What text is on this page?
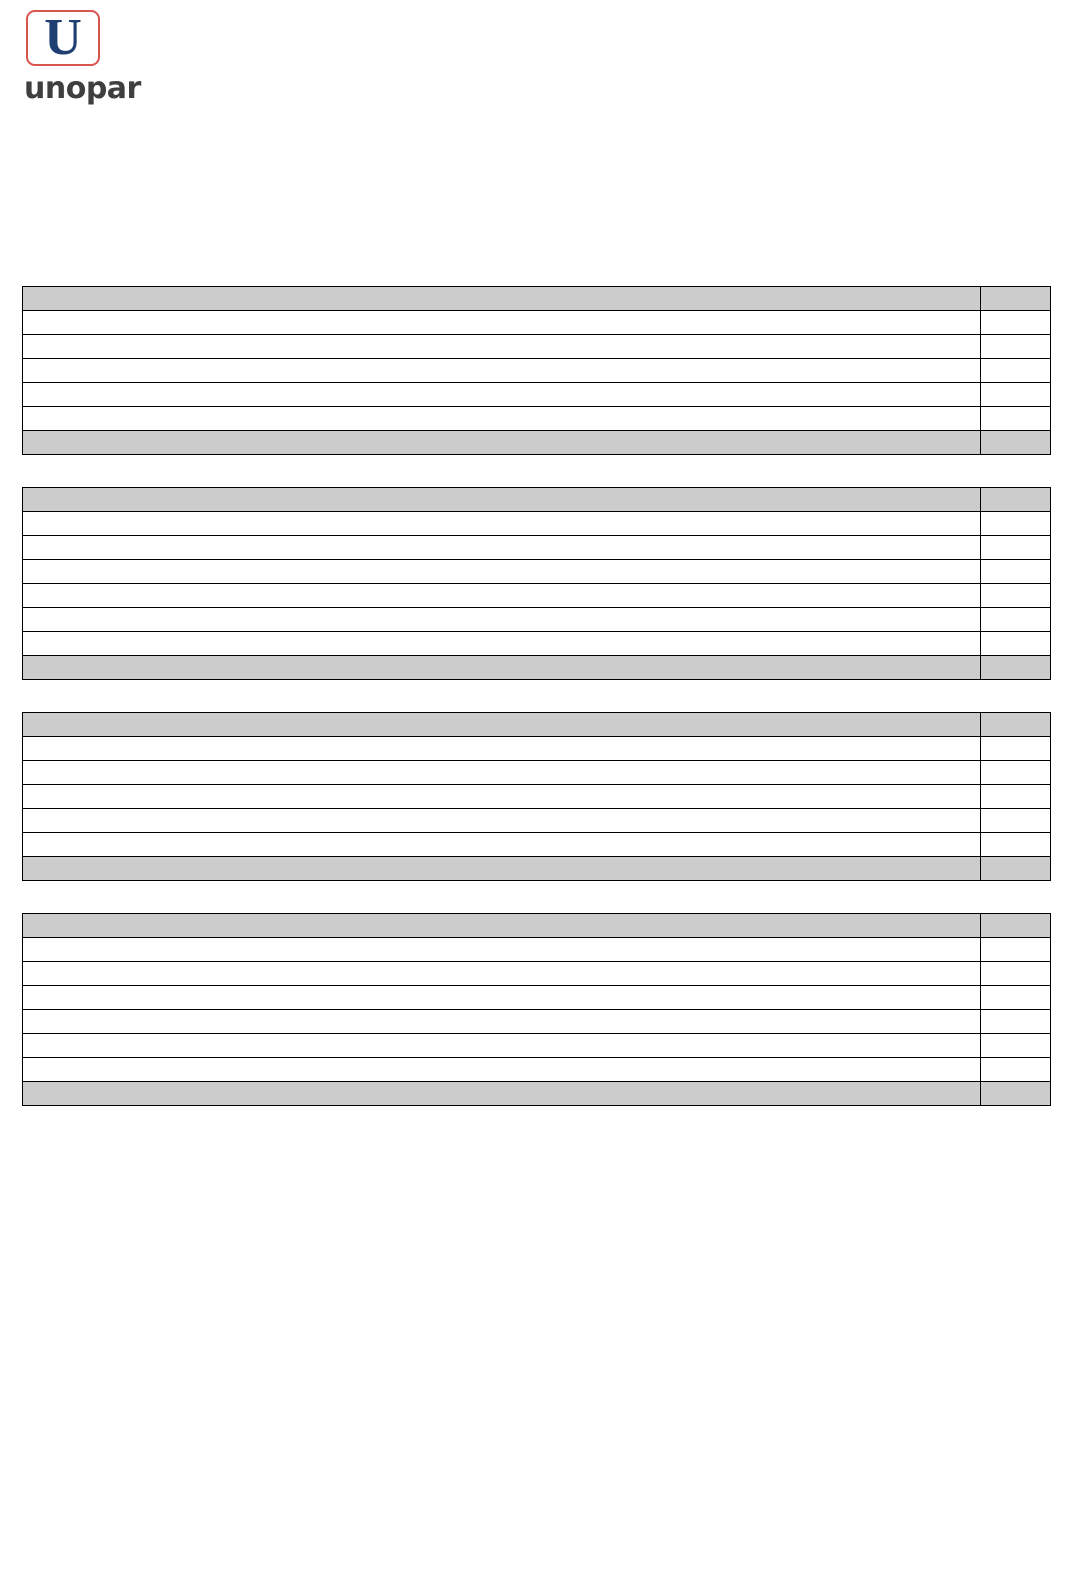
U
unopar
